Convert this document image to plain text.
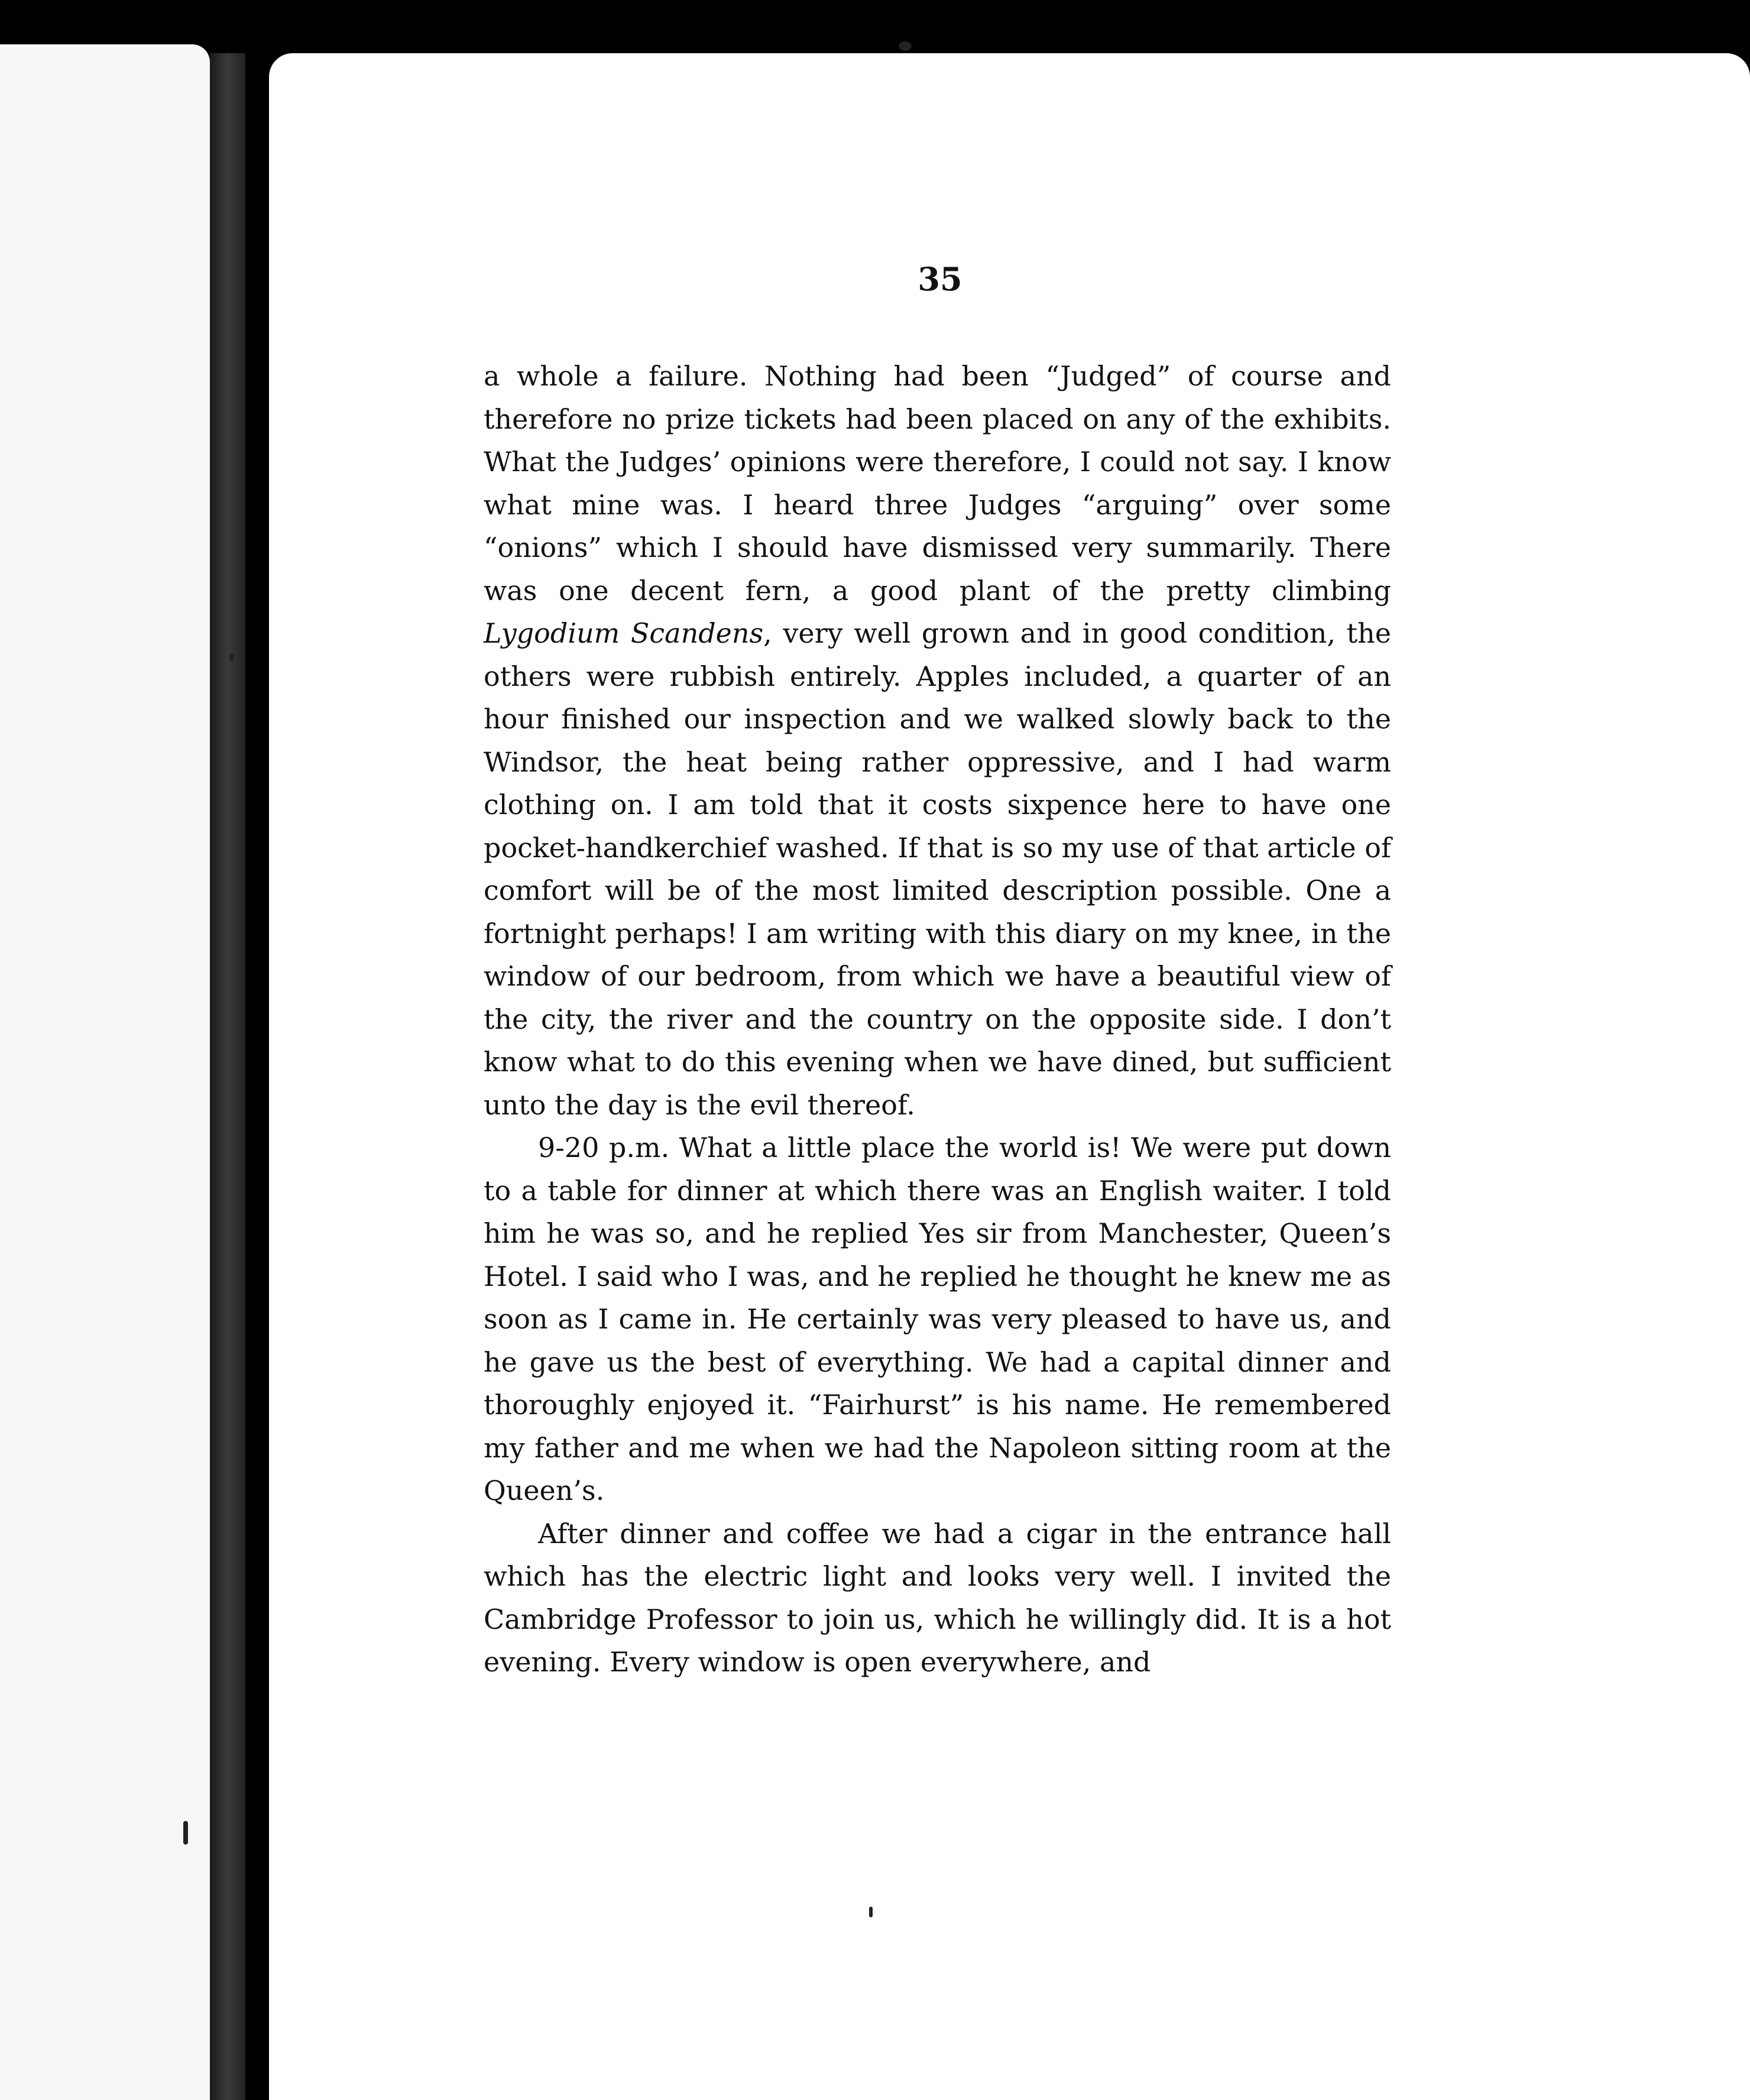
35

a whole a failure. Nothing had been “Judged” of course and therefore no prize tickets had been placed on any of the exhibits. What the Judges’ opinions were therefore, I could not say. I know what mine was. I heard three Judges “arguing” over some “onions” which I should have dismissed very summarily. There was one decent fern, a good plant of the pretty climbing Lygodium Scandens, very well grown and in good condition, the others were rubbish entirely. Apples included, a quarter of an hour finished our inspection and we walked slowly back to the Windsor, the heat being rather oppressive, and I had warm clothing on. I am told that it costs sixpence here to have one pocket-handkerchief washed. If that is so my use of that article of comfort will be of the most limited description possible. One a fortnight perhaps! I am writing with this diary on my knee, in the window of our bedroom, from which we have a beautiful view of the city, the river and the country on the opposite side. I don’t know what to do this evening when we have dined, but sufficient unto the day is the evil thereof.

9-20 p.m. What a little place the world is! We were put down to a table for dinner at which there was an English waiter. I told him he was so, and he replied Yes sir from Manchester, Queen’s Hotel. I said who I was, and he replied he thought he knew me as soon as I came in. He certainly was very pleased to have us, and he gave us the best of everything. We had a capital dinner and thoroughly enjoyed it. “Fairhurst” is his name. He remembered my father and me when we had the Napoleon sitting room at the Queen’s.

After dinner and coffee we had a cigar in the entrance hall which has the electric light and looks very well. I invited the Cambridge Professor to join us, which he willingly did. It is a hot evening. Every window is open everywhere, and
